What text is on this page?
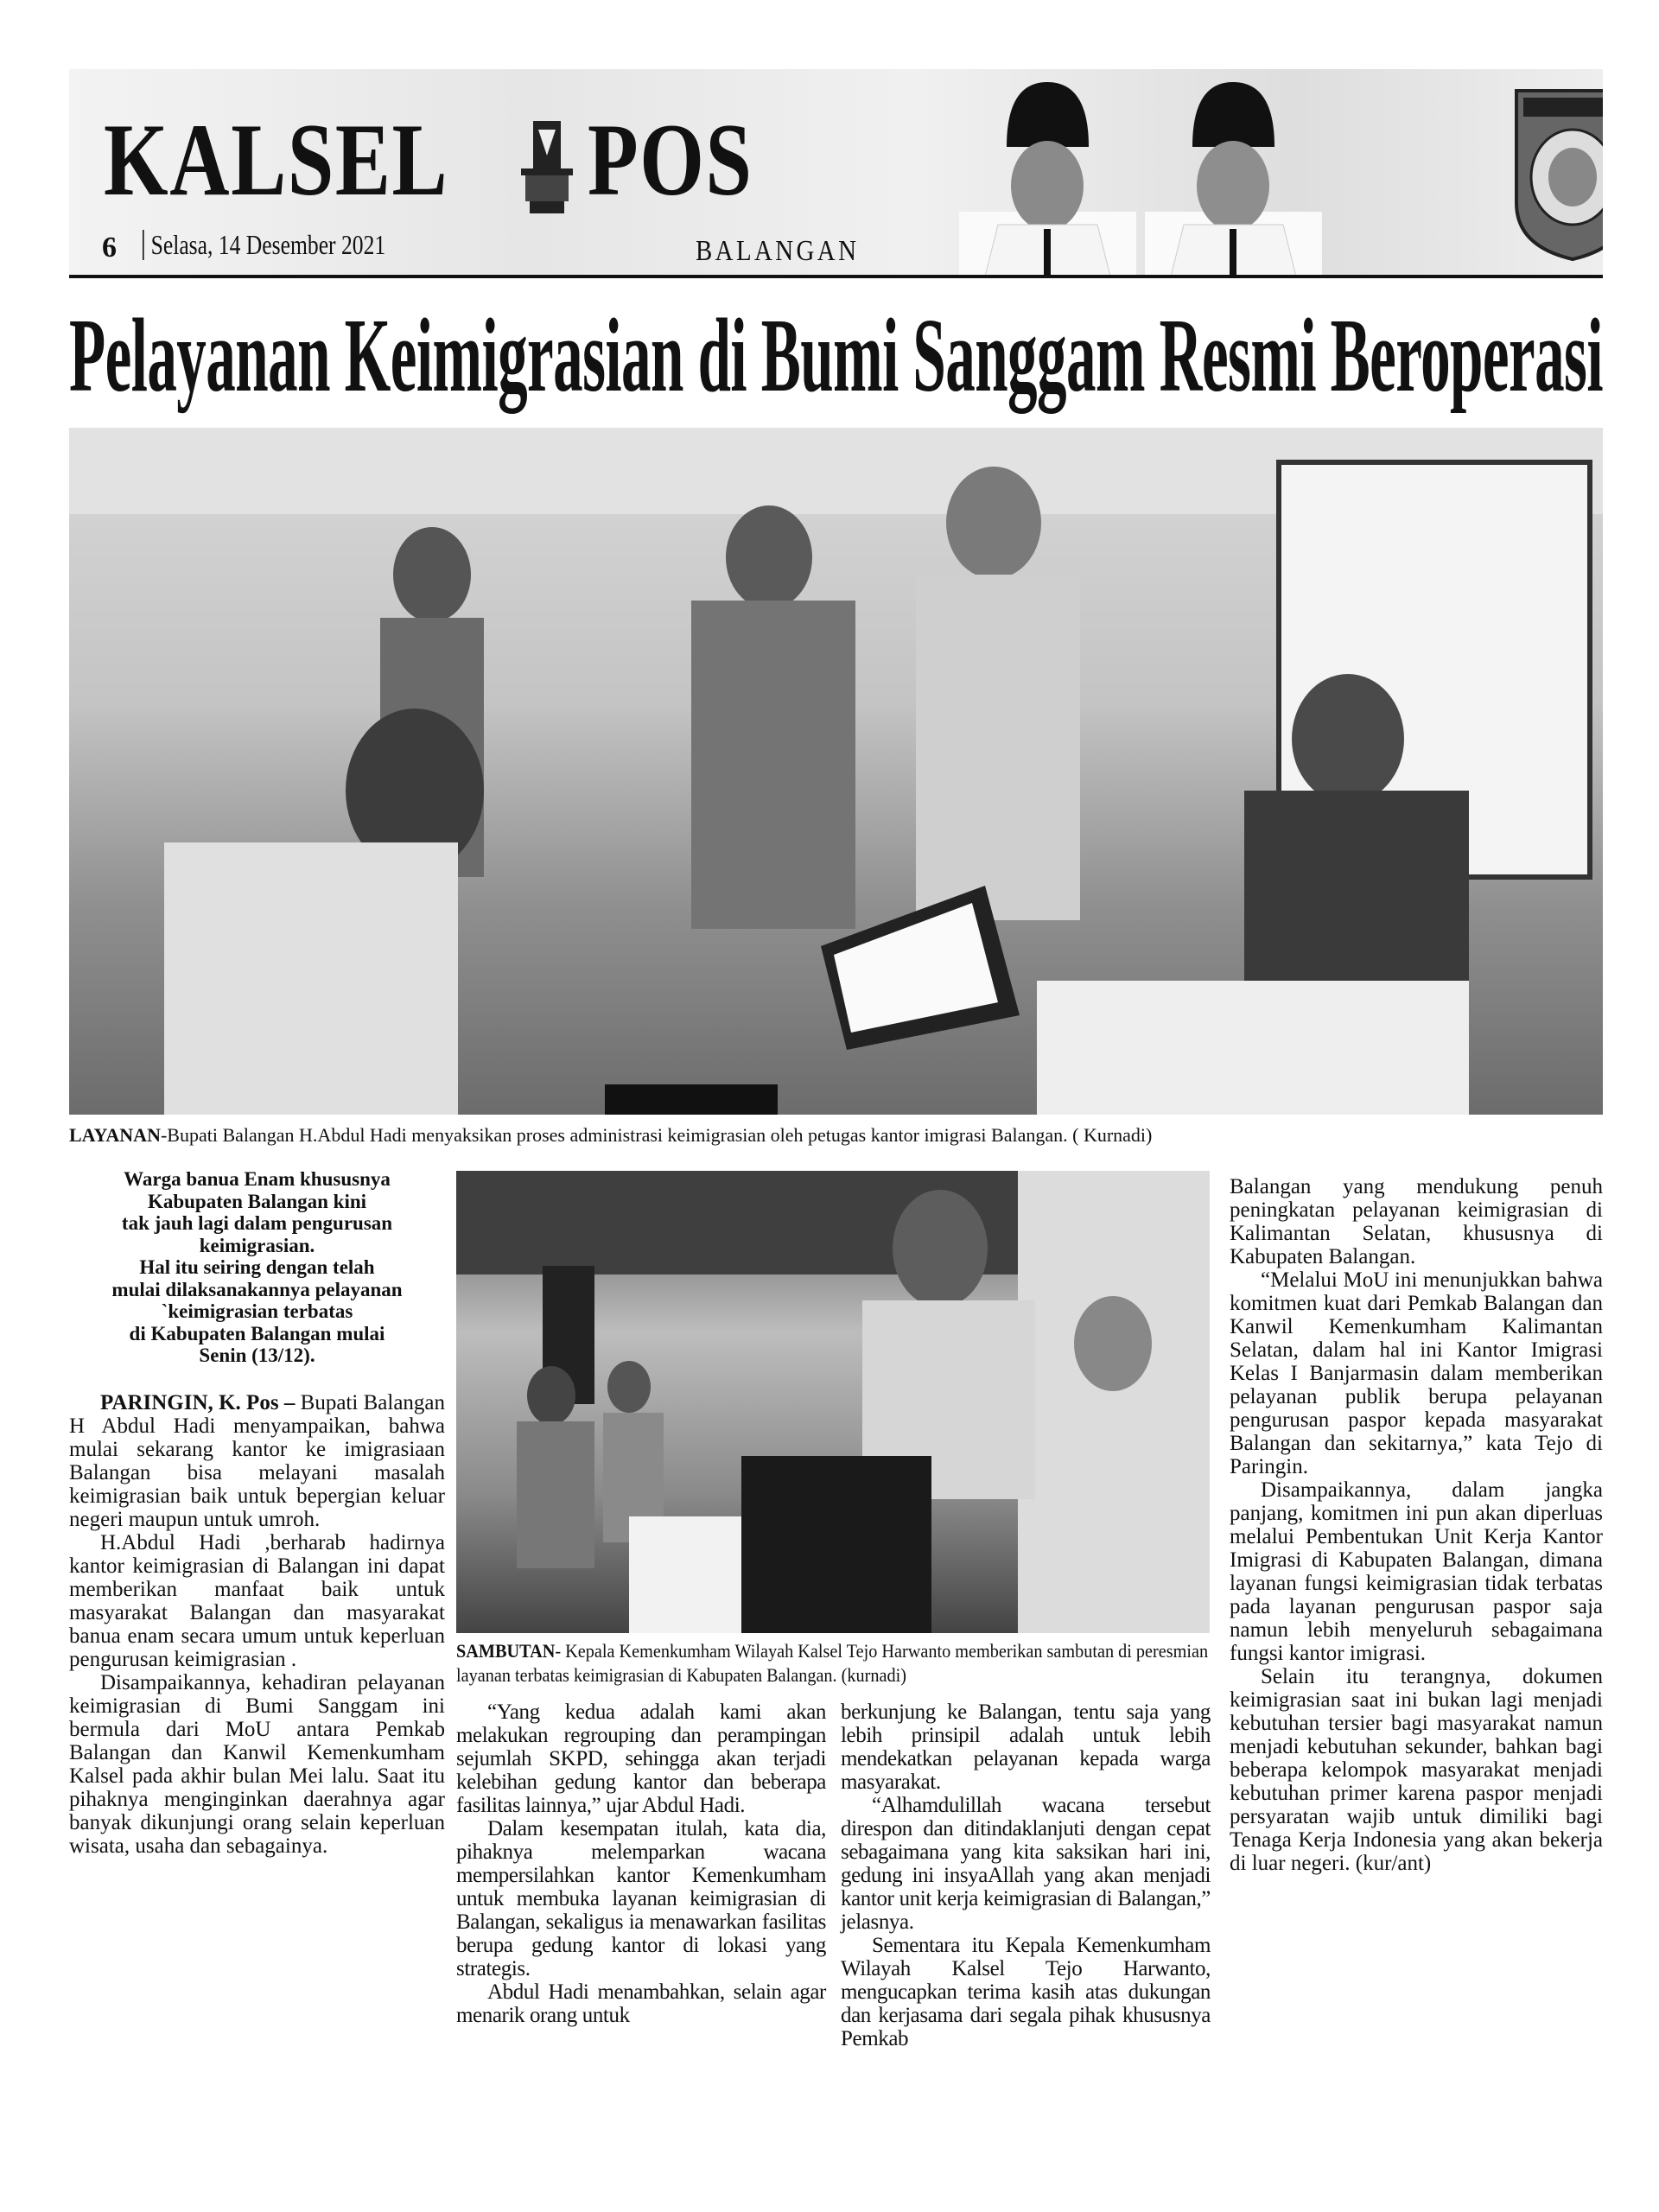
KALSEL POS
6	Selasa, 14 Desember 2021	BALANGAN
Pelayanan Keimigrasian di Bumi Sanggam Resmi Beroperasi
LAYANAN-Bupati Balangan H.Abdul Hadi menyaksikan proses administrasi keimigrasian oleh petugas kantor imigrasi Balangan. ( Kurnadi)

Warga banua Enam khususnya

Kabupaten Balangan kini

tak jauh lagi dalam pengurusan

keimigrasian.

Hal itu seiring dengan telah

mulai dilaksanakannya pelayanan

`keimigrasian terbatas

di Kabupaten Balangan mulai

Senin (13/12).

PARINGIN, K. Pos – Bupati Balangan H Abdul Hadi menyampaikan, bahwa mulai sekarang kantor ke imigrasiaan Balangan bisa melayani masalah keimigrasian baik untuk bepergian keluar negeri maupun untuk umroh.

H.Abdul Hadi ,berharab hadirnya kantor keimigrasian di Balangan ini dapat memberikan manfaat baik untuk masyarakat Balangan dan masyarakat banua enam secara umum untuk keperluan pengurusan keimigrasian .

Disampaikannya, kehadiran pelayanan keimigrasian di Bumi Sanggam ini bermula dari MoU antara Pemkab Balangan dan Kanwil Kemenkumham Kalsel pada akhir bulan Mei lalu. Saat itu pihaknya menginginkan daerahnya agar banyak dikunjungi orang selain keperluan wisata, usaha dan sebagainya.

SAMBUTAN- Kepala Kemenkumham Wilayah Kalsel Tejo Harwanto memberikan sambutan di peresmian layanan terbatas keimigrasian di Kabupaten Balangan. (kurnadi)

“Yang kedua adalah kami akan melakukan regrouping dan perampingan sejumlah SKPD, sehingga akan terjadi kelebihan gedung kantor dan beberapa fasilitas lainnya,” ujar Abdul Hadi.

Dalam kesempatan itulah, kata dia, pihaknya melemparkan wacana mempersilahkan kantor Kemenkumham untuk membuka layanan keimigrasian di Balangan, sekaligus ia menawarkan fasilitas berupa gedung kantor di lokasi yang strategis.

Abdul Hadi menambahkan, selain agar menarik orang untuk

berkunjung ke Balangan, tentu saja yang lebih prinsipil adalah untuk lebih mendekatkan pelayanan kepada warga masyarakat.

“Alhamdulillah wacana tersebut direspon dan ditindaklanjuti dengan cepat sebagaimana yang kita saksikan hari ini, gedung ini insyaAllah yang akan menjadi kantor unit kerja keimigrasian di Balangan,” jelasnya.

Sementara itu Kepala Kemenkumham Wilayah Kalsel Tejo Harwanto, mengucapkan terima kasih atas dukungan dan kerjasama dari segala pihak khususnya Pemkab

Balangan yang mendukung penuh peningkatan pelayanan keimigrasian di Kalimantan Selatan, khususnya di Kabupaten Balangan.

“Melalui MoU ini menunjukkan bahwa komitmen kuat dari Pemkab Balangan dan Kanwil Kemenkumham Kalimantan Selatan, dalam hal ini Kantor Imigrasi Kelas I Banjarmasin dalam memberikan pelayanan publik berupa pelayanan pengurusan paspor kepada masyarakat Balangan dan sekitarnya,” kata Tejo di Paringin.

Disampaikannya, dalam jangka panjang, komitmen ini pun akan diperluas melalui Pembentukan Unit Kerja Kantor Imigrasi di Kabupaten Balangan, dimana layanan fungsi keimigrasian tidak terbatas pada layanan pengurusan paspor saja namun lebih menyeluruh sebagaimana fungsi kantor imigrasi.

Selain itu terangnya, dokumen keimigrasian saat ini bukan lagi menjadi kebutuhan tersier bagi masyarakat namun menjadi kebutuhan sekunder, bahkan bagi beberapa kelompok masyarakat menjadi kebutuhan primer karena paspor menjadi persyaratan wajib untuk dimiliki bagi Tenaga Kerja Indonesia yang akan bekerja di luar negeri. (kur/ant)
